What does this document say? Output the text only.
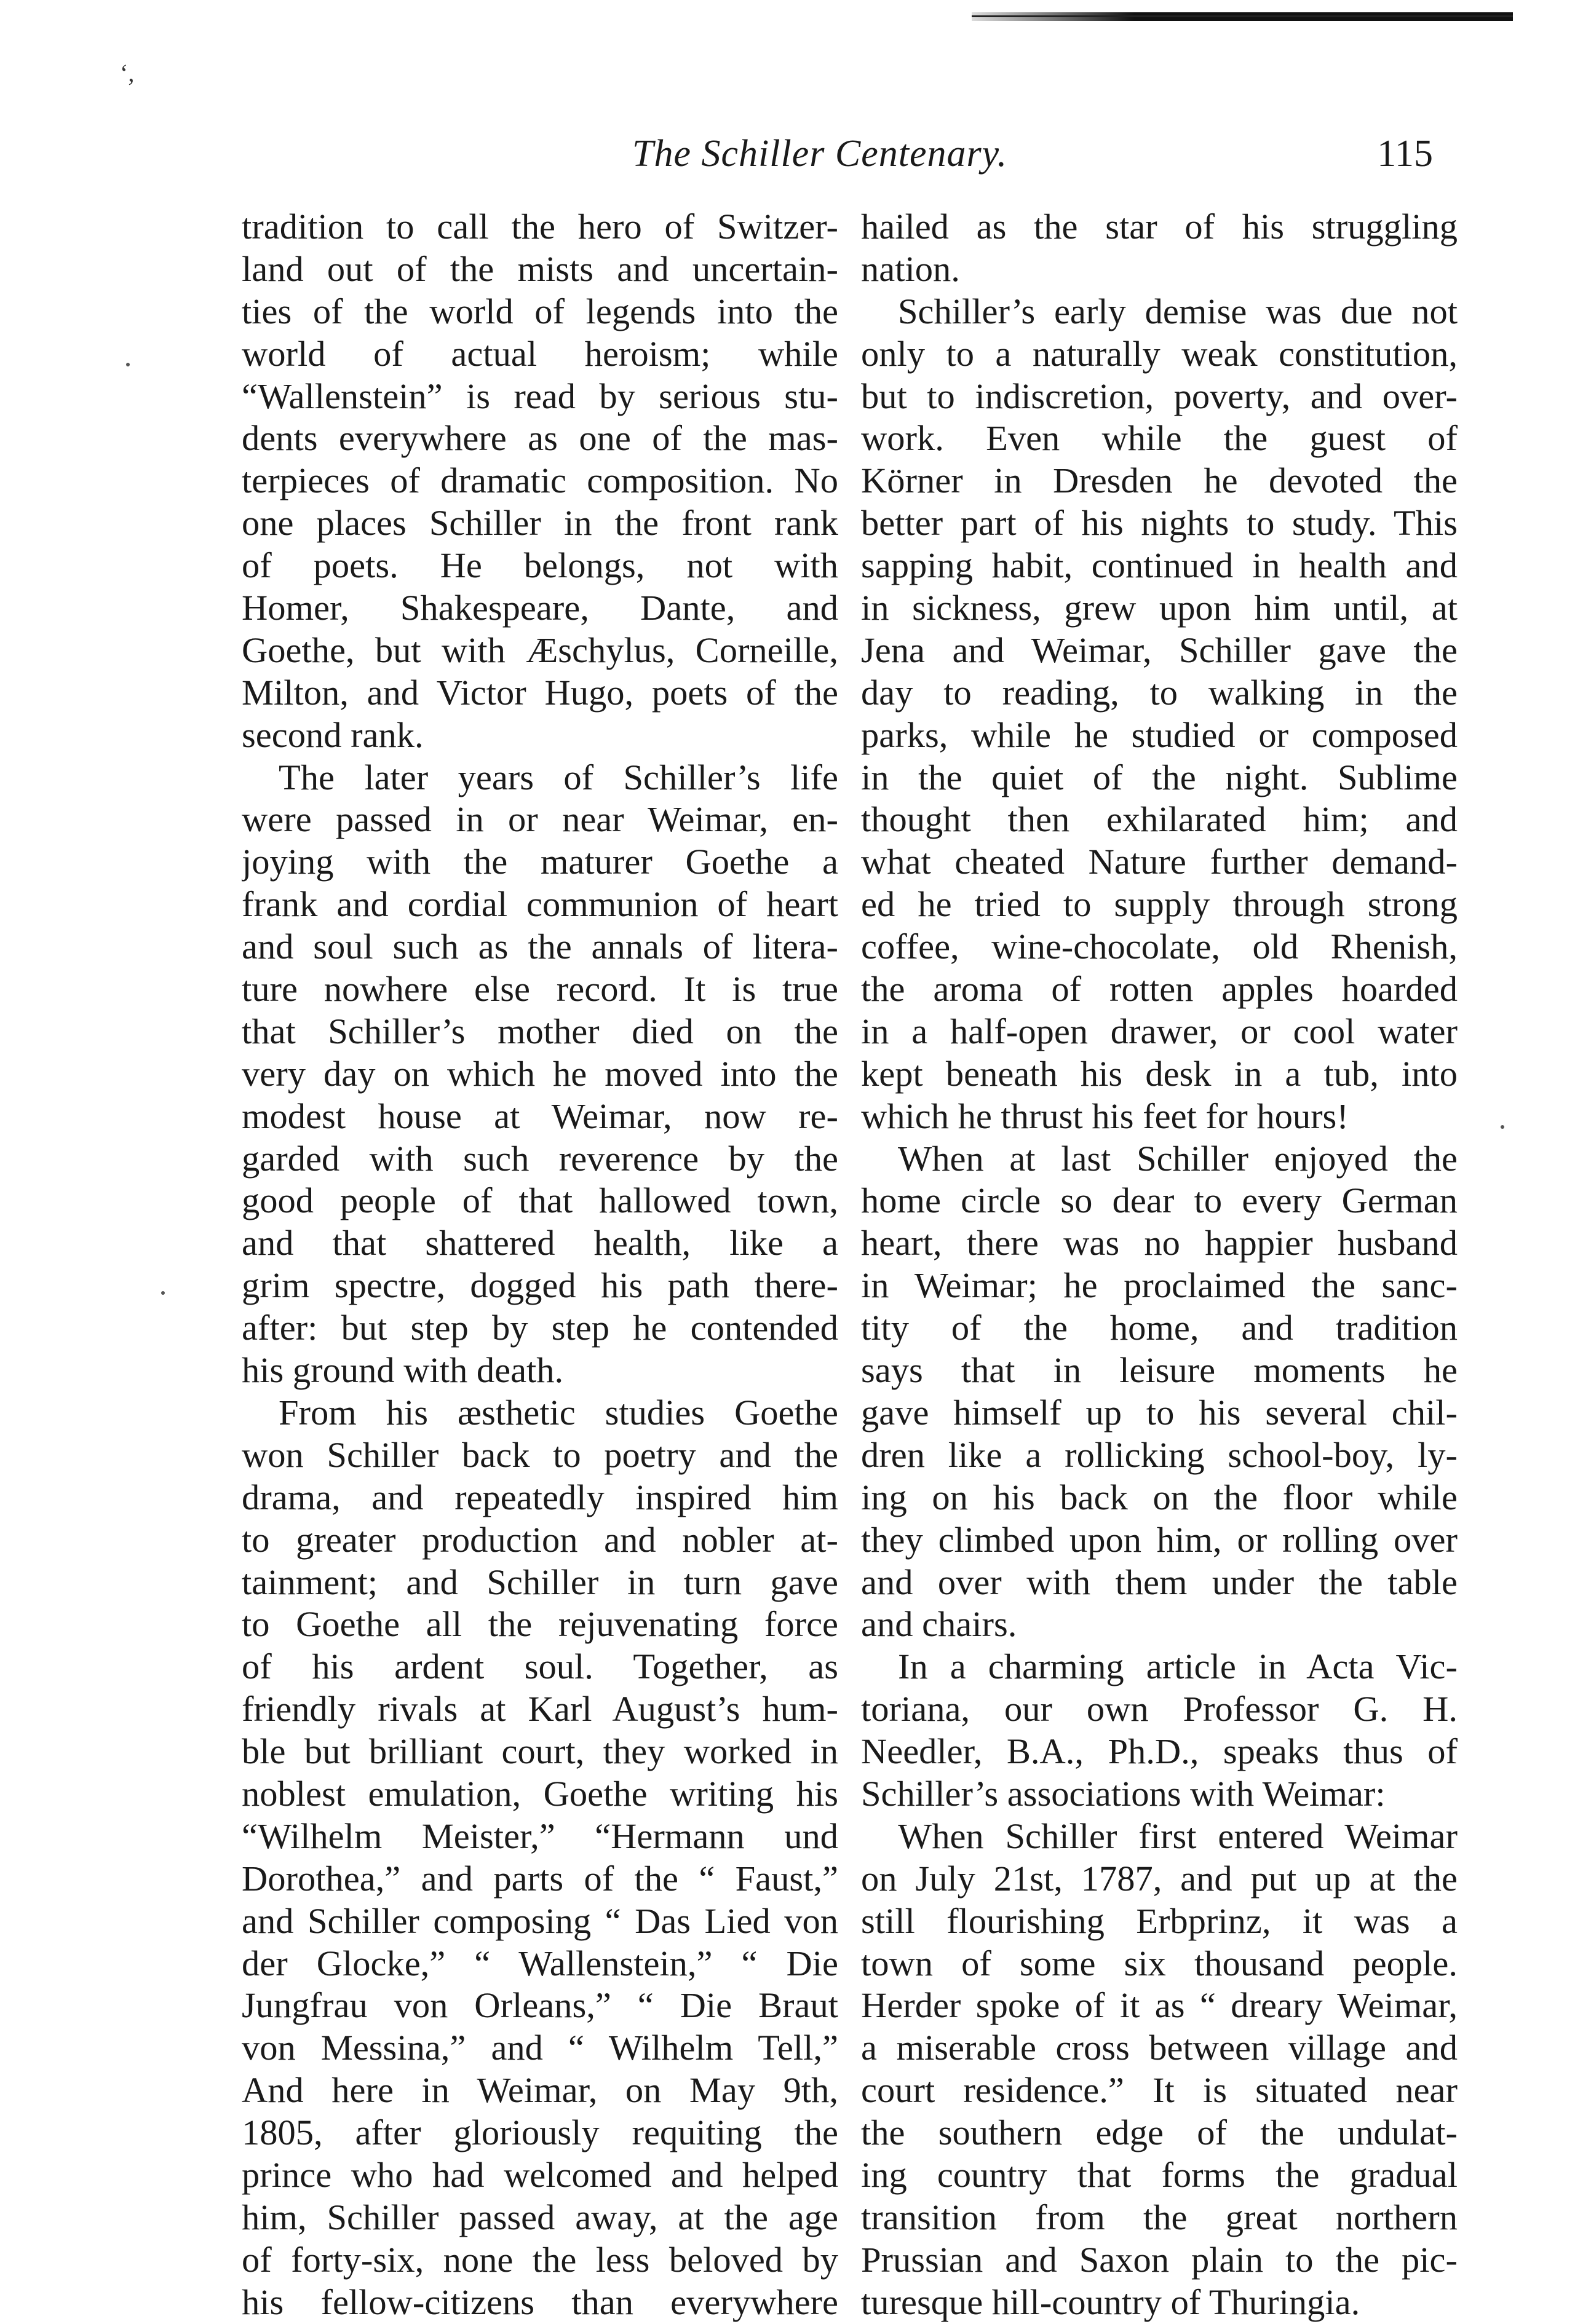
‘,
The Schiller Centenary.	115
tradition to call the hero of Switzer-
land out of the mists and uncertain-
ties of the world of legends into the
world of actual heroism; while
“Wallenstein” is read by serious stu-
dents everywhere as one of the mas-
terpieces of dramatic composition. No
one places Schiller in the front rank
of poets. He belongs, not with
Homer, Shakespeare, Dante, and
Goethe, but with Æschylus, Corneille,
Milton, and Victor Hugo, poets of the
second rank.
The later years of Schiller’s life
were passed in or near Weimar, en-
joying with the maturer Goethe a
frank and cordial communion of heart
and soul such as the annals of litera-
ture nowhere else record. It is true
that Schiller’s mother died on the
very day on which he moved into the
modest house at Weimar, now re-
garded with such reverence by the
good people of that hallowed town,
and that shattered health, like a
grim spectre, dogged his path there-
after: but step by step he contended
his ground with death.
From his æsthetic studies Goethe
won Schiller back to poetry and the
drama, and repeatedly inspired him
to greater production and nobler at-
tainment; and Schiller in turn gave
to Goethe all the rejuvenating force
of his ardent soul. Together, as
friendly rivals at Karl August’s hum-
ble but brilliant court, they worked in
noblest emulation, Goethe writing his
“Wilhelm Meister,” “Hermann und
Dorothea,” and parts of the “ Faust,”
and Schiller composing “ Das Lied von
der Glocke,” “ Wallenstein,” “ Die
Jungfrau von Orleans,” “ Die Braut
von Messina,” and “ Wilhelm Tell,”
And here in Weimar, on May 9th,
1805, after gloriously requiting the
prince who had welcomed and helped
him, Schiller passed away, at the age
of forty-six, none the less beloved by
his fellow-citizens than everywhere
hailed as the star of his struggling
nation.
Schiller’s early demise was due not
only to a naturally weak constitution,
but to indiscretion, poverty, and over-
work. Even while the guest of
Körner in Dresden he devoted the
better part of his nights to study. This
sapping habit, continued in health and
in sickness, grew upon him until, at
Jena and Weimar, Schiller gave the
day to reading, to walking in the
parks, while he studied or composed
in the quiet of the night. Sublime
thought then exhilarated him; and
what cheated Nature further demand-
ed he tried to supply through strong
coffee, wine-chocolate, old Rhenish,
the aroma of rotten apples hoarded
in a half-open drawer, or cool water
kept beneath his desk in a tub, into
which he thrust his feet for hours!
When at last Schiller enjoyed the
home circle so dear to every German
heart, there was no happier husband
in Weimar; he proclaimed the sanc-
tity of the home, and tradition
says that in leisure moments he
gave himself up to his several chil-
dren like a rollicking school-boy, ly-
ing on his back on the floor while
they climbed upon him, or rolling over
and over with them under the table
and chairs.
In a charming article in Acta Vic-
toriana, our own Professor G. H.
Needler, B.A., Ph.D., speaks thus of
Schiller’s associations with Weimar:
When Schiller first entered Weimar
on July 21st, 1787, and put up at the
still flourishing Erbprinz, it was a
town of some six thousand people.
Herder spoke of it as “ dreary Weimar,
a miserable cross between village and
court residence.” It is situated near
the southern edge of the undulat-
ing country that forms the gradual
transition from the great northern
Prussian and Saxon plain to the pic-
turesque hill-country of Thuringia.
